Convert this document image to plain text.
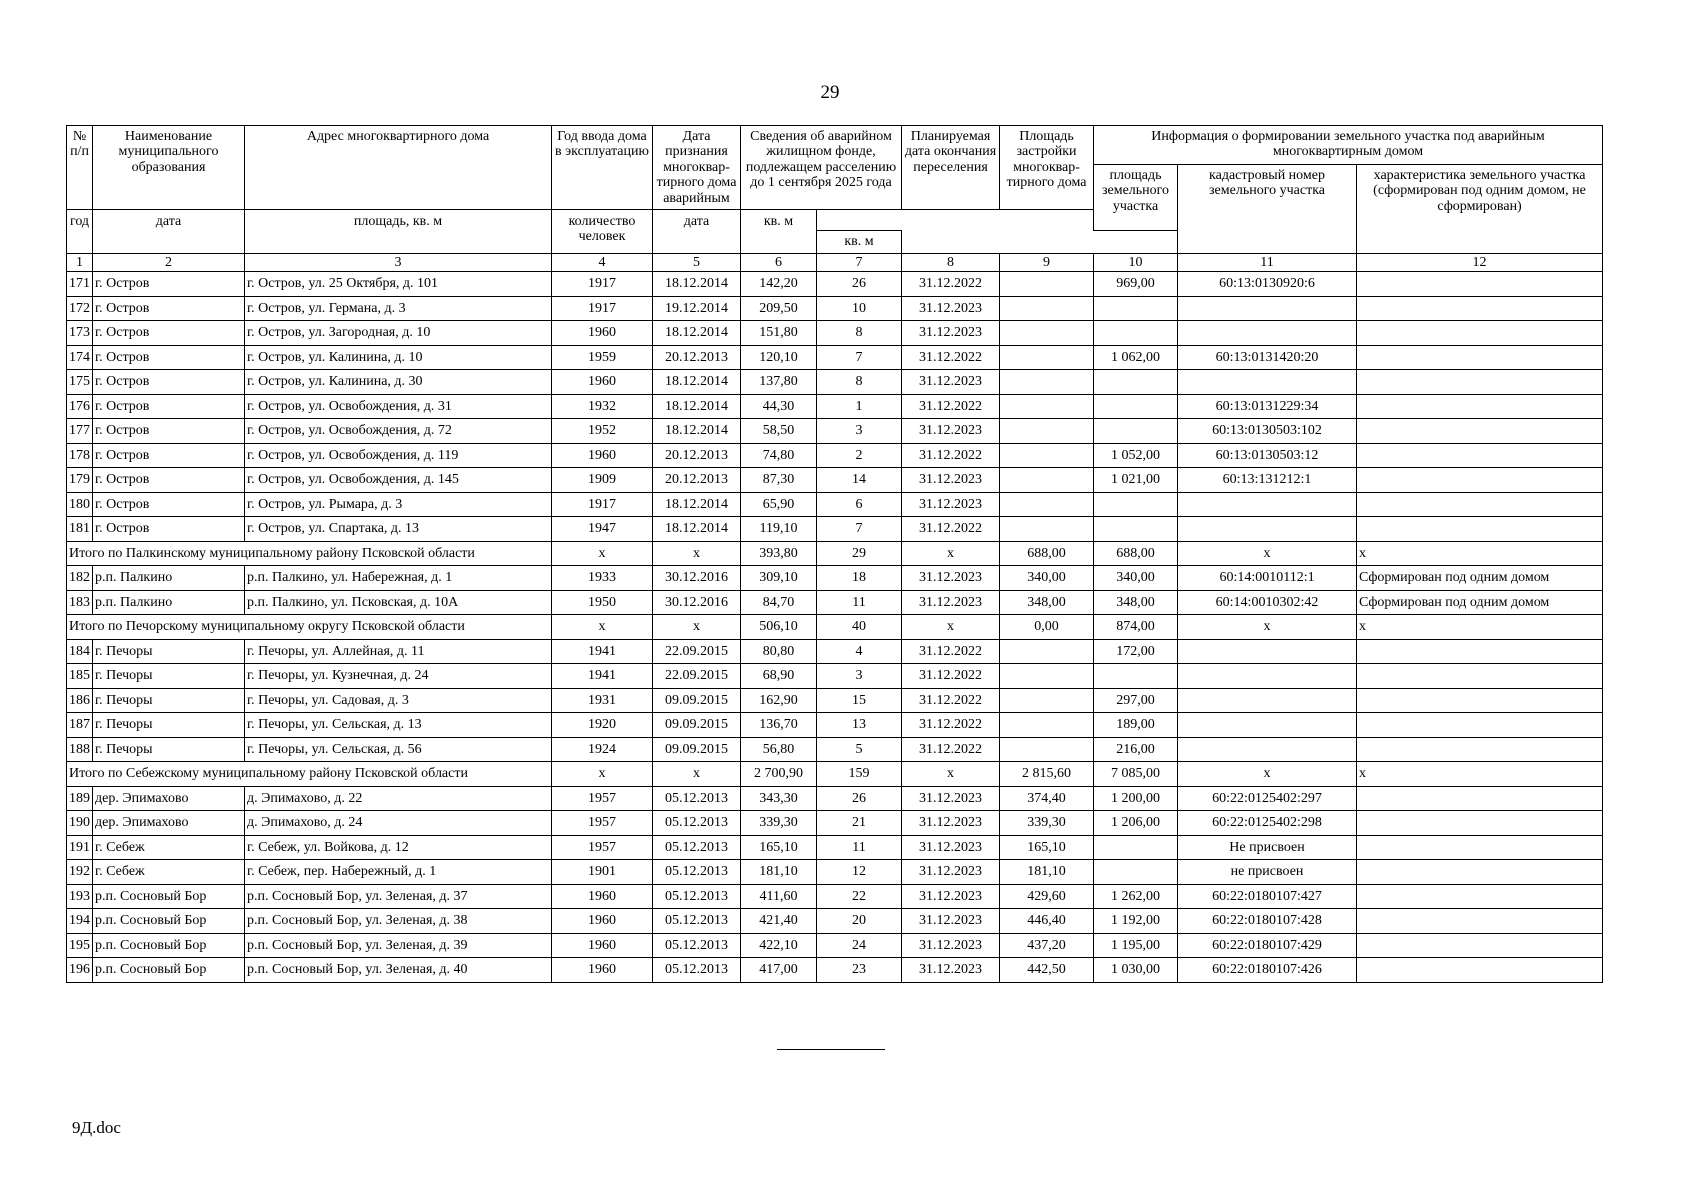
29
№ п/п	Наименование муниципального образования	Адрес многоквартирного дома	Год ввода дома в эксплуатацию	Дата признания многоквар-тирного дома аварийным	Сведения об аварийном жилищном фонде, подлежащем расселению до 1 сентября 2025 года		Планируемая дата окончания переселения	Площадь застройки многоквар-тирного дома	Информация о формировании земельного участка под аварийным многоквартирным домом		
									площадь земельного участка	кадастровый номер земельного участка	характеристика земельного участка (сформирован под одним домом, не сформирован)
год	дата	площадь, кв. м	количество человек	дата	кв. м					
						кв. м					
1	2	3	4	5	6	7	8	9	10	11	12
171	г. Остров	г. Остров, ул. 25 Октября, д. 101	1917	18.12.2014	142,20	26	31.12.2022		969,00	60:13:0130920:6	
172	г. Остров	г. Остров, ул. Германа, д. 3	1917	19.12.2014	209,50	10	31.12.2023				
173	г. Остров	г. Остров, ул. Загородная, д. 10	1960	18.12.2014	151,80	8	31.12.2023				
174	г. Остров	г. Остров, ул. Калинина, д. 10	1959	20.12.2013	120,10	7	31.12.2022		1 062,00	60:13:0131420:20	
175	г. Остров	г. Остров, ул. Калинина, д. 30	1960	18.12.2014	137,80	8	31.12.2023				
176	г. Остров	г. Остров, ул. Освобождения, д. 31	1932	18.12.2014	44,30	1	31.12.2022			60:13:0131229:34	
177	г. Остров	г. Остров, ул. Освобождения, д. 72	1952	18.12.2014	58,50	3	31.12.2023			60:13:0130503:102	
178	г. Остров	г. Остров, ул. Освобождения, д. 119	1960	20.12.2013	74,80	2	31.12.2022		1 052,00	60:13:0130503:12	
179	г. Остров	г. Остров, ул. Освобождения, д. 145	1909	20.12.2013	87,30	14	31.12.2023		1 021,00	60:13:131212:1	
180	г. Остров	г. Остров, ул. Рымара, д. 3	1917	18.12.2014	65,90	6	31.12.2023				
181	г. Остров	г. Остров, ул. Спартака, д. 13	1947	18.12.2014	119,10	7	31.12.2022				
Итого по Палкинскому муниципальному району Псковской области			x	x	393,80	29	x	688,00	688,00	x	x
182	р.п. Палкино	р.п. Палкино, ул. Набережная, д. 1	1933	30.12.2016	309,10	18	31.12.2023	340,00	340,00	60:14:0010112:1	Сформирован под одним домом
183	р.п. Палкино	р.п. Палкино, ул. Псковская, д. 10А	1950	30.12.2016	84,70	11	31.12.2023	348,00	348,00	60:14:0010302:42	Сформирован под одним домом
Итого по Печорскому муниципальному округу Псковской области			x	x	506,10	40	x	0,00	874,00	x	x
184	г. Печоры	г. Печоры, ул. Аллейная, д. 11	1941	22.09.2015	80,80	4	31.12.2022		172,00		
185	г. Печоры	г. Печоры, ул. Кузнечная, д. 24	1941	22.09.2015	68,90	3	31.12.2022				
186	г. Печоры	г. Печоры, ул. Садовая, д. 3	1931	09.09.2015	162,90	15	31.12.2022		297,00		
187	г. Печоры	г. Печоры, ул. Сельская, д. 13	1920	09.09.2015	136,70	13	31.12.2022		189,00		
188	г. Печоры	г. Печоры, ул. Сельская, д. 56	1924	09.09.2015	56,80	5	31.12.2022		216,00		
Итого по Себежскому муниципальному району Псковской области			x	x	2 700,90	159	x	2 815,60	7 085,00	x	x
189	дер. Эпимахово	д. Эпимахово, д. 22	1957	05.12.2013	343,30	26	31.12.2023	374,40	1 200,00	60:22:0125402:297	
190	дер. Эпимахово	д. Эпимахово, д. 24	1957	05.12.2013	339,30	21	31.12.2023	339,30	1 206,00	60:22:0125402:298	
191	г. Себеж	г. Себеж, ул. Войкова, д. 12	1957	05.12.2013	165,10	11	31.12.2023	165,10		Не присвоен	
192	г. Себеж	г. Себеж, пер. Набережный, д. 1	1901	05.12.2013	181,10	12	31.12.2023	181,10		не присвоен	
193	р.п. Сосновый Бор	р.п. Сосновый Бор, ул. Зеленая, д. 37	1960	05.12.2013	411,60	22	31.12.2023	429,60	1 262,00	60:22:0180107:427	
194	р.п. Сосновый Бор	р.п. Сосновый Бор, ул. Зеленая, д. 38	1960	05.12.2013	421,40	20	31.12.2023	446,40	1 192,00	60:22:0180107:428	
195	р.п. Сосновый Бор	р.п. Сосновый Бор, ул. Зеленая, д. 39	1960	05.12.2013	422,10	24	31.12.2023	437,20	1 195,00	60:22:0180107:429	
196	р.п. Сосновый Бор	р.п. Сосновый Бор, ул. Зеленая, д. 40	1960	05.12.2013	417,00	23	31.12.2023	442,50	1 030,00	60:22:0180107:426	
9Д.doc
